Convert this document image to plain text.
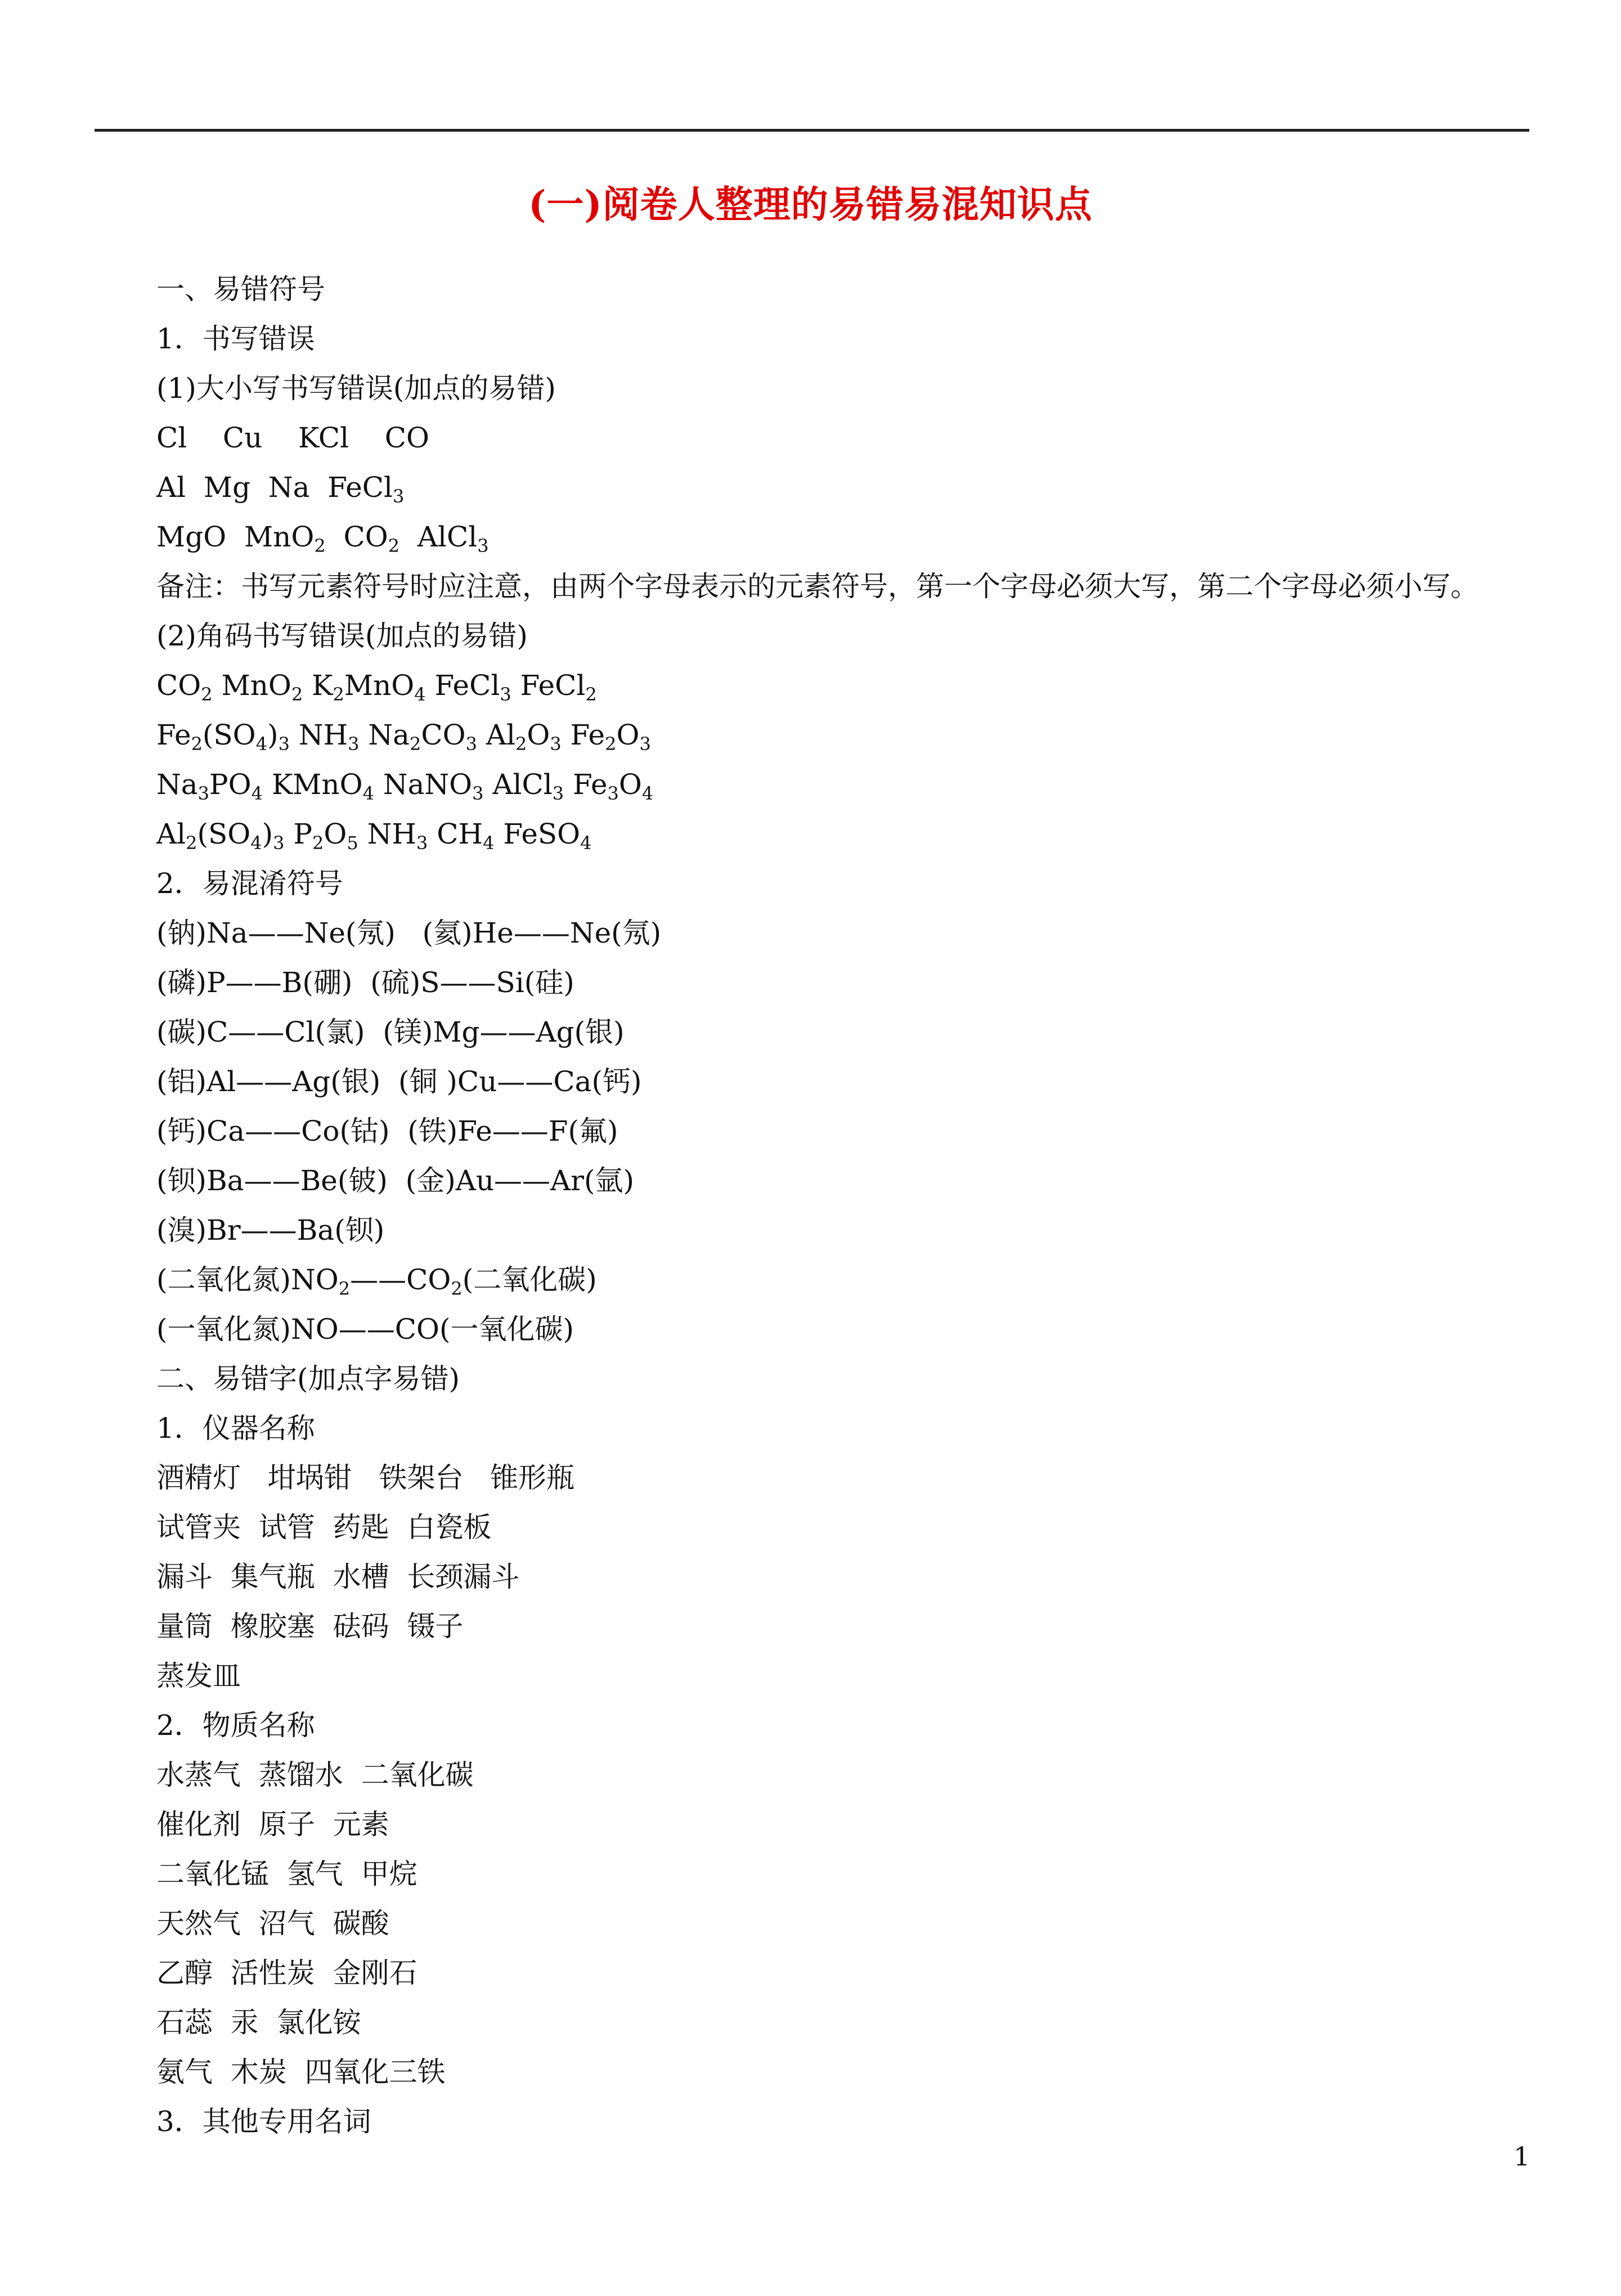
(一)阅卷人整理的易错易混知识点
一、易错符号
1．书写错误
(1)大小写书写错误(加点的易错)
Cl    Cu    KCl    CO
Al  Mg  Na  FeCl$_3$
MgO  MnO$_2$  $CO_2$  AlCl$_3$
备注：书写元素符号时应注意，由两个字母表示的元素符号，第一个字母必须大写，第二个字母必须小写。
(2)角码书写错误(加点的易错)
$CO_2$ MnO$_2$ $K_2MnO_4$ FeCl$_3$ FeCl$_2$
$Fe_2(SO_4)_3$ $NH_3$ $Na_2CO_3$ $Al_2O_3$ $Fe_2O_3$
$Na_3PO_4$ KMnO$_4$ NaNO$_3$ AlCl$_3$ $Fe_3O_4$
$Al_2(SO_4)_3$ $P_2O_5$ $NH_3$ $CH_4$ FeSO$_4$
2．易混淆符号
(钠)Na——Ne(氖)   (氦)He——Ne(氖)
(磷)P——B(硼)  (硫)S——Si(硅)
(碳)C——Cl(氯)  (镁)Mg——Ag(银)
(铝)Al——Ag(银)  (铜 )Cu——Ca(钙)
(钙)Ca——Co(钴)  (铁)Fe——F(氟)
(钡)Ba——Be(铍)  (金)Au——Ar(氩)
(溴)Br——Ba(钡)
(二氧化氮)$NO_2——CO_2$(二氧化碳)
(一氧化氮)NO——CO(一氧化碳)
二、易错字(加点字易错)
1．仪器名称
酒精灯   坩埚钳   铁架台   锥形瓶
试管夹  试管  药匙  白瓷板
漏斗  集气瓶  水槽  长颈漏斗
量筒  橡胶塞  砝码  镊子
蒸发皿
2．物质名称
水蒸气  蒸馏水  二氧化碳
催化剂  原子  元素
二氧化锰  氢气  甲烷
天然气  沼气  碳酸
乙醇  活性炭  金刚石
石蕊  汞  氯化铵
氨气  木炭  四氧化三铁
3．其他专用名词
1
